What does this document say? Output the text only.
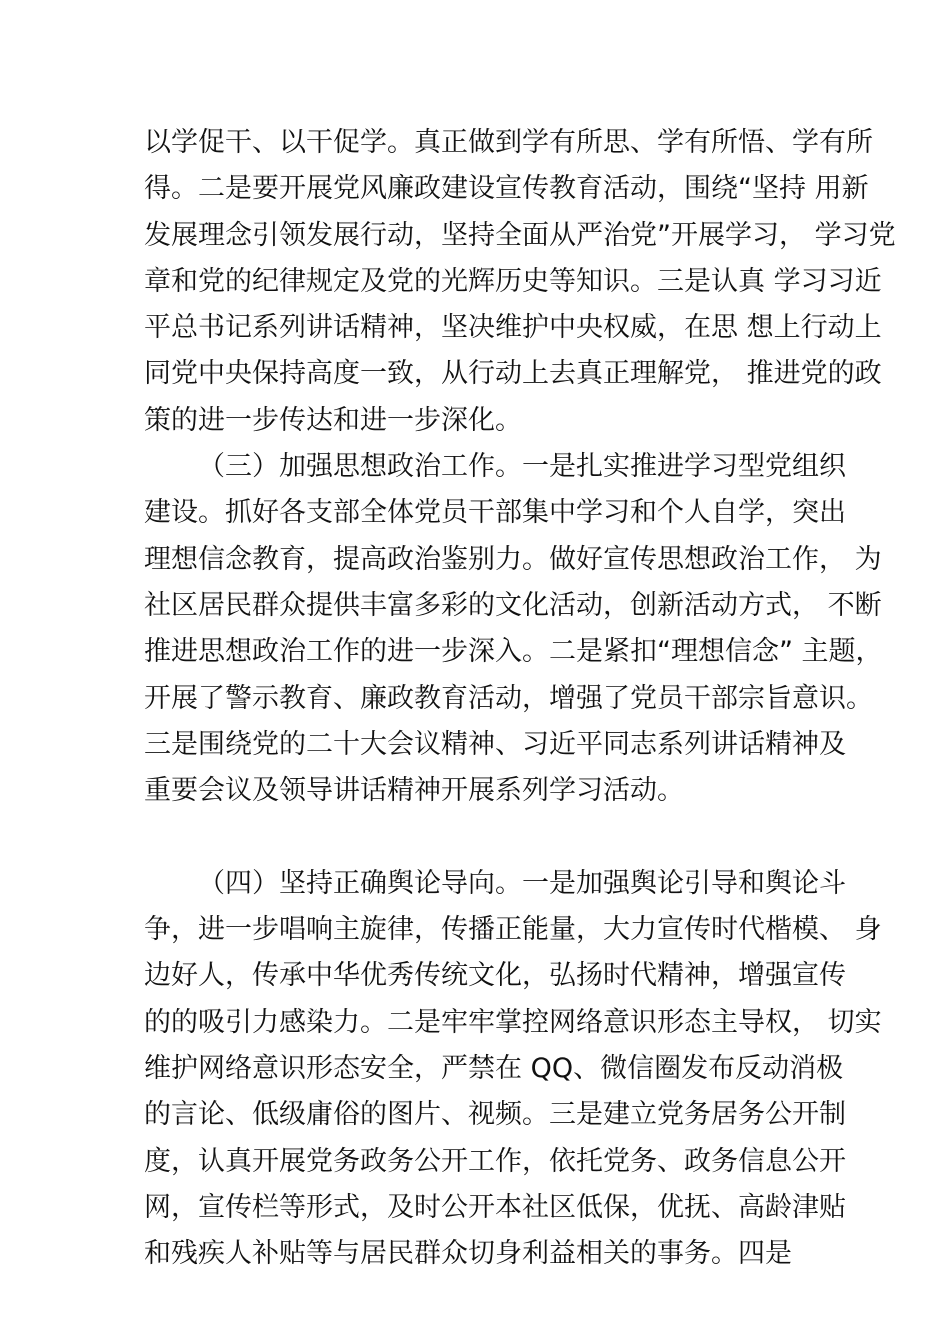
以学促干、以干促学。真正做到学有所思、学有所悟、学有所
得。二是要开展党风廉政建设宣传教育活动，围绕“坚持 用新
发展理念引领发展行动，坚持全面从严治党”开展学习， 学习党
章和党的纪律规定及党的光辉历史等知识。三是认真 学习习近
平总书记系列讲话精神，坚决维护中央权威，在思 想上行动上
同党中央保持高度一致，从行动上去真正理解党， 推进党的政
策的进一步传达和进一步深化。
（三）加强思想政治工作。一是扎实推进学习型党组织
建设。抓好各支部全体党员干部集中学习和个人自学，突出
理想信念教育，提高政治鉴别力。做好宣传思想政治工作， 为
社区居民群众提供丰富多彩的文化活动，创新活动方式， 不断
推进思想政治工作的进一步深入。二是紧扣“理想信念” 主题，
开展了警示教育、廉政教育活动，增强了党员干部宗旨意识。
三是围绕党的二十大会议精神、习近平同志系列讲话精神及
重要会议及领导讲话精神开展系列学习活动。
（四）坚持正确舆论导向。一是加强舆论引导和舆论斗
争，进一步唱响主旋律，传播正能量，大力宣传时代楷模、 身
边好人，传承中华优秀传统文化，弘扬时代精神，增强宣传
的的吸引力感染力。二是牢牢掌控网络意识形态主导权， 切实
维护网络意识形态安全，严禁在 QQ、微信圈发布反动消极
的言论、低级庸俗的图片、视频。三是建立党务居务公开制
度，认真开展党务政务公开工作，依托党务、政务信息公开
网，宣传栏等形式，及时公开本社区低保，优抚、高龄津贴
和残疾人补贴等与居民群众切身利益相关的事务。四是
